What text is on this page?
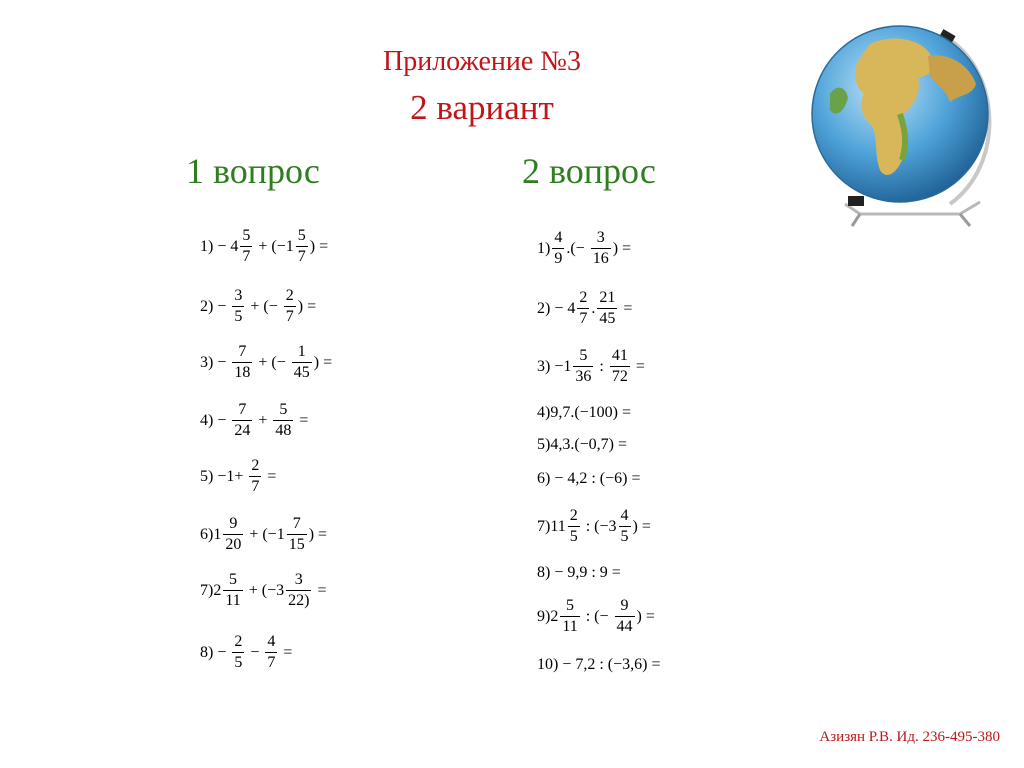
Приложение №3
2 вариант
1 вопрос	2 вопрос
$1) - 4 \frac{5}{7} + (-1 \frac{5}{7}$ ) =
$2) - \frac{3}{5}$ + (− $\frac{2}{7}$ ) =
$3) - \frac{7}{18}$ + (− $\frac{1}{45}$ ) =
$4) - \frac{7}{24} + \frac{5}{48}$ =
$5) -1+ \frac{2}{7}$ =
$6)1 \frac{9}{20} + (-1 \frac{7}{15}$ ) =
$7)2 \frac{5}{11} + (-3 \frac{3}{22)}$ =
$8) - \frac{2}{5} - \frac{4}{7}$ =
$1) \frac{4}{9}$ .(− $\frac{3}{16}$ ) =
$2) - 4 \frac{2}{7}$ . $\frac{21}{45}$ =
$3) -1 \frac{5}{36}$ : $\frac{41}{72}$ =
4)9,7.(−100) =
5)4,3.(−0,7) =
6) − 4,2 : (−6) =
$7)11 \frac{2}{5}$ : ($-3 \frac{4}{5}$ ) =
8) − 9,9 : 9 =
$9)2 \frac{5}{11}$ : (− $\frac{9}{44}$ ) =
10) − 7,2 : (−3,6) =
Азизян Р.В. Ид. 236-495-380
